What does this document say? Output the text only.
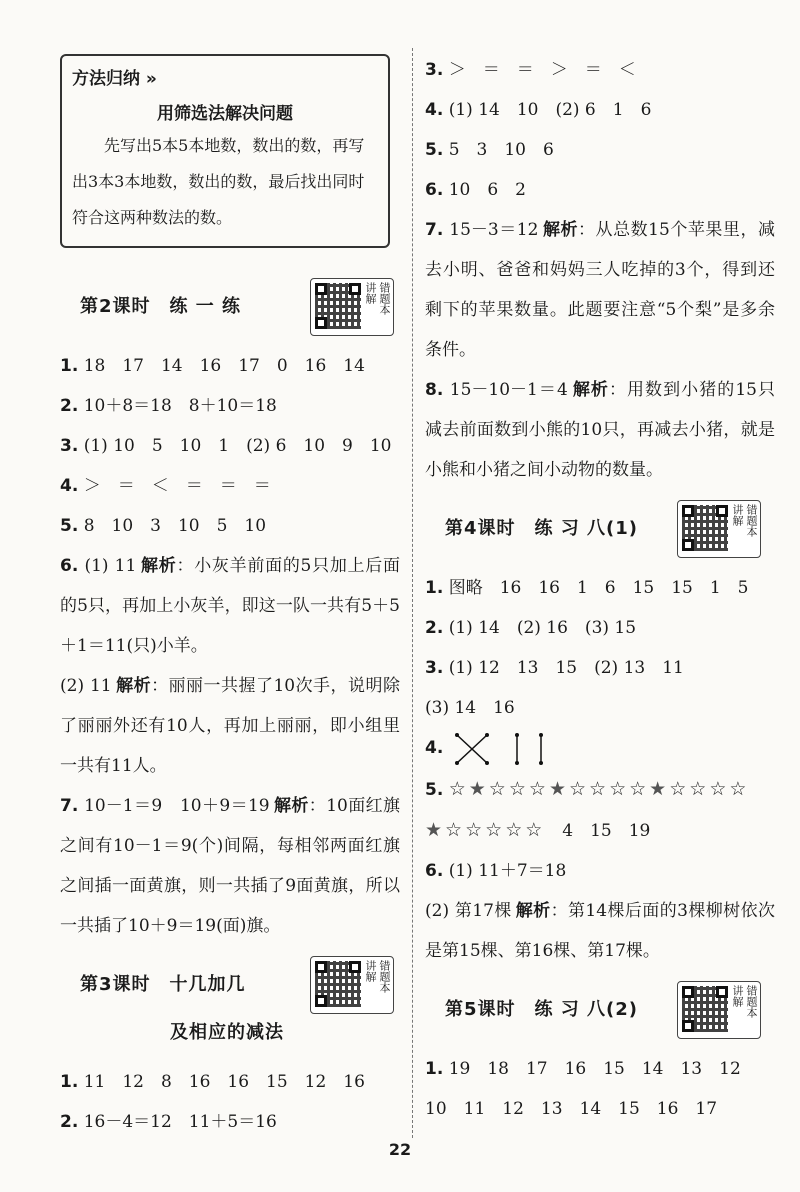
方法归纳 »
用筛选法解决问题
先写出5本5本地数，数出的数，再写出3本3本地数，数出的数，最后找出同时符合这两种数法的数。
第2课时　练 一 练
讲解 错题本
1. 18　17　14　16　17　0　16　14
2. 10＋8＝18　8＋10＝18
3. (1) 10　5　10　1　(2) 6　10　9　10
4. ＞　＝　＜　＝　＝　＝
5. 8　10　3　10　5　10
6. (1) 11 解析：小灰羊前面的5只加上后面的5只，再加上小灰羊，即这一队一共有5＋5＋1＝11(只)小羊。
(2) 11 解析：丽丽一共握了10次手，说明除了丽丽外还有10人，再加上丽丽，即小组里一共有11人。
7. 10－1＝9　10＋9＝19 解析：10面红旗之间有10－1＝9(个)间隔，每相邻两面红旗之间插一面黄旗，则一共插了9面黄旗，所以一共插了10＋9＝19(面)旗。
第3课时　十几加几
及相应的减法
讲解 错题本
1. 11　12　8　16　16　15　12　16
2. 16－4＝12　11＋5＝16
3. ＞　＝　＝　＞　＝　＜
4. (1) 14　10　(2) 6　1　6
5. 5　3　10　6
6. 10　6　2
7. 15－3＝12 解析：从总数15个苹果里，减去小明、爸爸和妈妈三人吃掉的3个，得到还剩下的苹果数量。此题要注意“5个梨”是多余条件。
8. 15－10－1＝4 解析：用数到小猪的15只减去前面数到小熊的10只，再减去小猪，就是小熊和小猪之间小动物的数量。
第4课时　练 习 八(1)
讲解 错题本
1. 图略　16　16　1　6　15　15　1　5
2. (1) 14　(2) 16　(3) 15
3. (1) 12　13　15　(2) 13　11
(3) 14　16
4.
5. ☆★☆☆☆★☆☆☆☆★☆☆☆☆
★☆☆☆☆☆　 4　15　19
6. (1) 11＋7＝18
(2) 第17棵 解析：第14棵后面的3棵柳树依次是第15棵、第16棵、第17棵。
第5课时　练 习 八(2)
讲解 错题本
1. 19　18　17　16　15　14　13　12
10　11　12　13　14　15　16　17
22
